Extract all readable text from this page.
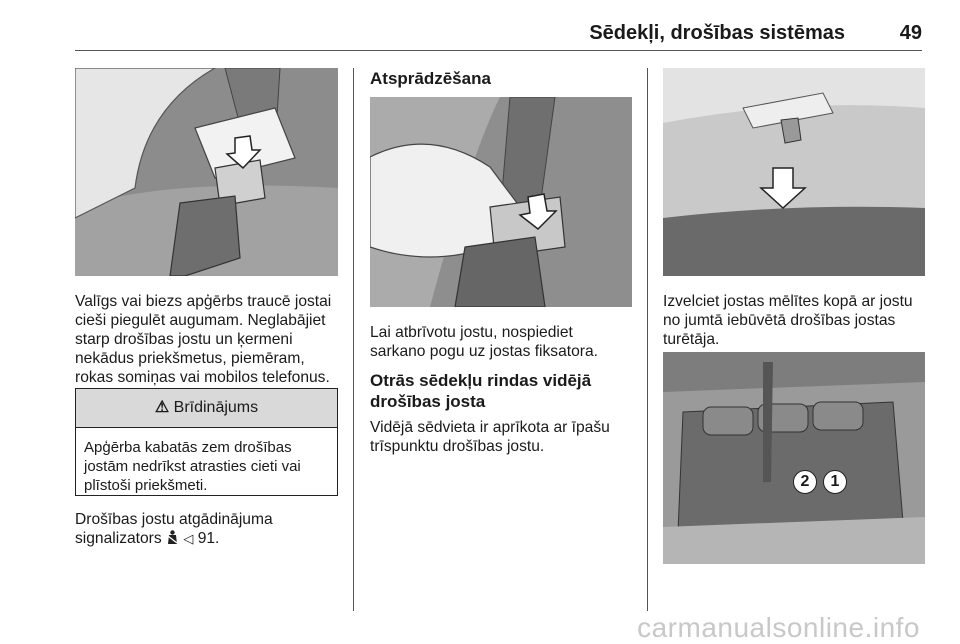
Sēdekļi, drošības sistēmas	49

Valīgs vai biezs apģērbs traucē jostai cieši piegulēt augumam. Neglabājiet starp drošības jostu un ķermeni nekādus priekšmetus, piemēram, rokas somiņas vai mobilos telefonus.

⚠ Brīdinājums
Apģērba kabatās zem drošības jostām nedrīkst atrasties cieti vai plīstoši priekšmeti.

Drošības jostu atgādinājuma signalizators ◁ 91.

Atsprādzēšana

Lai atbrīvotu jostu, nospiediet sarkano pogu uz jostas fiksatora.

Otrās sēdekļu rindas vidējā drošības josta

Vidējā sēdvieta ir aprīkota ar īpašu trīspunktu drošības jostu.

Izvelciet jostas mēlītes kopā ar jostu no jumtā iebūvētā drošības jostas turētāja.

2	1
carmanualsonline.info
